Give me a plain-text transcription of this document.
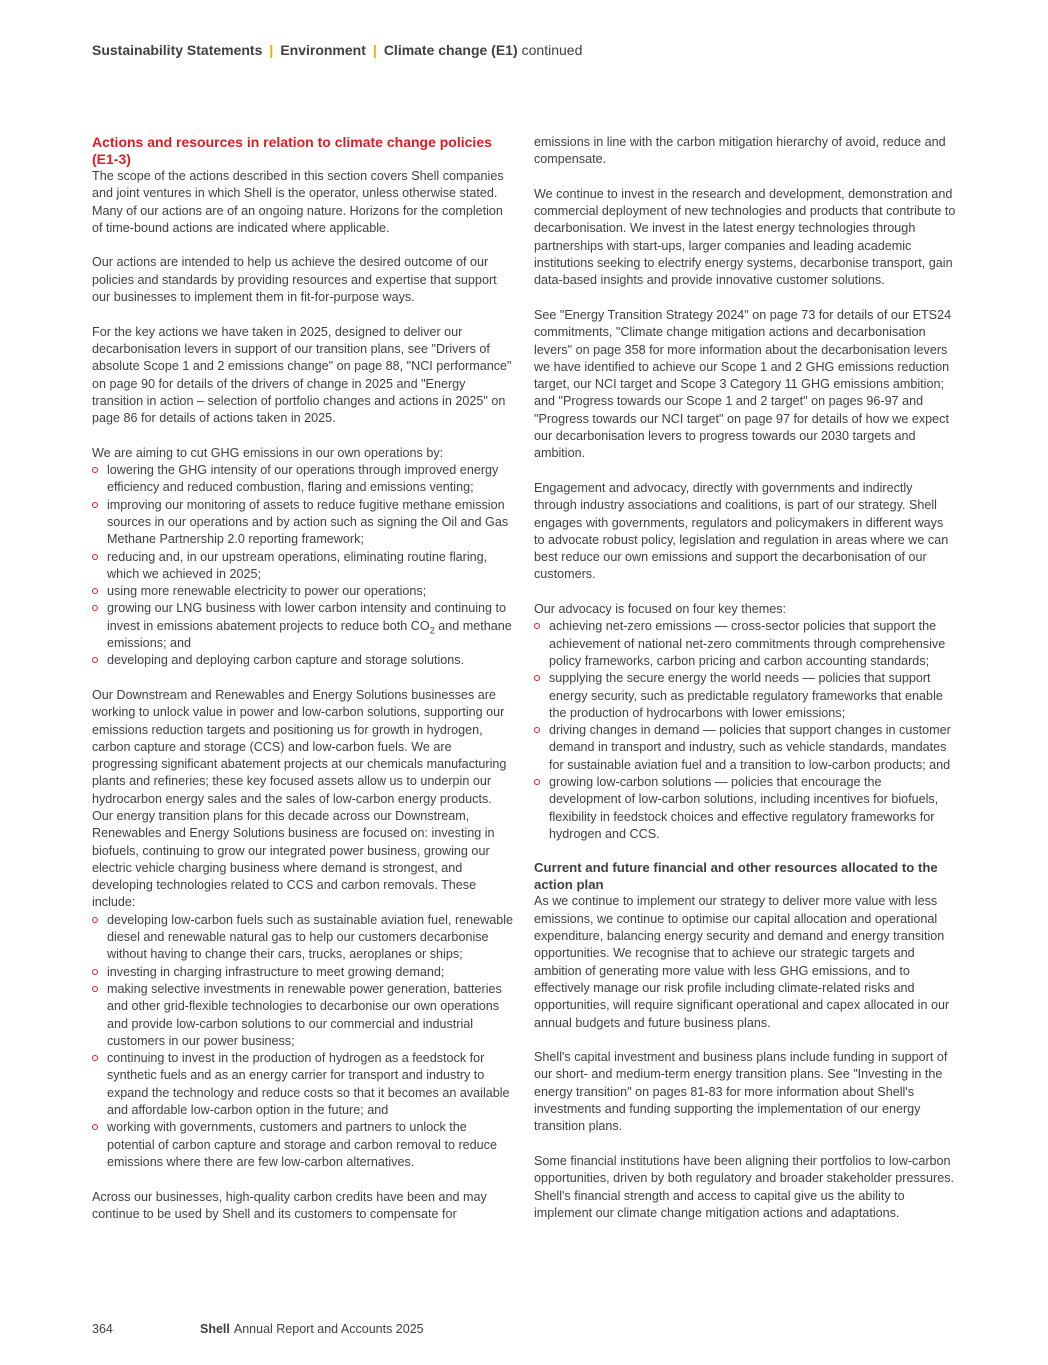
Sustainability Statements | Environment | Climate change (E1) continued
Actions and resources in relation to climate change policies (E1-3)

The scope of the actions described in this section covers Shell companies and joint ventures in which Shell is the operator, unless otherwise stated. Many of our actions are of an ongoing nature. Horizons for the completion of time-bound actions are indicated where applicable.

Our actions are intended to help us achieve the desired outcome of our policies and standards by providing resources and expertise that support our businesses to implement them in fit-for-purpose ways.

For the key actions we have taken in 2025, designed to deliver our decarbonisation levers in support of our transition plans, see "Drivers of absolute Scope 1 and 2 emissions change" on page 88, "NCI performance" on page 90 for details of the drivers of change in 2025 and "Energy transition in action – selection of portfolio changes and actions in 2025" on page 86 for details of actions taken in 2025.

We are aiming to cut GHG emissions in our own operations by:

lowering the GHG intensity of our operations through improved energy efficiency and reduced combustion, flaring and emissions venting;
improving our monitoring of assets to reduce fugitive methane emission sources in our operations and by action such as signing the Oil and Gas Methane Partnership 2.0 reporting framework;
reducing and, in our upstream operations, eliminating routine flaring, which we achieved in 2025;
using more renewable electricity to power our operations;
growing our LNG business with lower carbon intensity and continuing to invest in emissions abatement projects to reduce both $CO_2$ and methane emissions; and
developing and deploying carbon capture and storage solutions.

Our Downstream and Renewables and Energy Solutions businesses are working to unlock value in power and low-carbon solutions, supporting our emissions reduction targets and positioning us for growth in hydrogen, carbon capture and storage (CCS) and low-carbon fuels. We are progressing significant abatement projects at our chemicals manufacturing plants and refineries; these key focused assets allow us to underpin our hydrocarbon energy sales and the sales of low-carbon energy products. Our energy transition plans for this decade across our Downstream, Renewables and Energy Solutions business are focused on: investing in biofuels, continuing to grow our integrated power business, growing our electric vehicle charging business where demand is strongest, and developing technologies related to CCS and carbon removals. These include:

developing low-carbon fuels such as sustainable aviation fuel, renewable diesel and renewable natural gas to help our customers decarbonise without having to change their cars, trucks, aeroplanes or ships;
investing in charging infrastructure to meet growing demand;
making selective investments in renewable power generation, batteries and other grid-flexible technologies to decarbonise our own operations and provide low-carbon solutions to our commercial and industrial customers in our power business;
continuing to invest in the production of hydrogen as a feedstock for synthetic fuels and as an energy carrier for transport and industry to expand the technology and reduce costs so that it becomes an available and affordable low-carbon option in the future; and
working with governments, customers and partners to unlock the potential of carbon capture and storage and carbon removal to reduce emissions where there are few low-carbon alternatives.

Across our businesses, high-quality carbon credits have been and may continue to be used by Shell and its customers to compensate for

emissions in line with the carbon mitigation hierarchy of avoid, reduce and compensate.

We continue to invest in the research and development, demonstration and commercial deployment of new technologies and products that contribute to decarbonisation. We invest in the latest energy technologies through partnerships with start-ups, larger companies and leading academic institutions seeking to electrify energy systems, decarbonise transport, gain data-based insights and provide innovative customer solutions.

See "Energy Transition Strategy 2024" on page 73 for details of our ETS24 commitments, "Climate change mitigation actions and decarbonisation levers" on page 358 for more information about the decarbonisation levers we have identified to achieve our Scope 1 and 2 GHG emissions reduction target, our NCI target and Scope 3 Category 11 GHG emissions ambition; and "Progress towards our Scope 1 and 2 target" on pages 96-97 and "Progress towards our NCI target" on page 97 for details of how we expect our decarbonisation levers to progress towards our 2030 targets and ambition.

Engagement and advocacy, directly with governments and indirectly through industry associations and coalitions, is part of our strategy. Shell engages with governments, regulators and policymakers in different ways to advocate robust policy, legislation and regulation in areas where we can best reduce our own emissions and support the decarbonisation of our customers.

Our advocacy is focused on four key themes:

achieving net-zero emissions — cross-sector policies that support the achievement of national net-zero commitments through comprehensive policy frameworks, carbon pricing and carbon accounting standards;
supplying the secure energy the world needs — policies that support energy security, such as predictable regulatory frameworks that enable the production of hydrocarbons with lower emissions;
driving changes in demand — policies that support changes in customer demand in transport and industry, such as vehicle standards, mandates for sustainable aviation fuel and a transition to low-carbon products; and
growing low-carbon solutions — policies that encourage the development of low-carbon solutions, including incentives for biofuels, flexibility in feedstock choices and effective regulatory frameworks for hydrogen and CCS.
Current and future financial and other resources allocated to the action plan

As we continue to implement our strategy to deliver more value with less emissions, we continue to optimise our capital allocation and operational expenditure, balancing energy security and demand and energy transition opportunities. We recognise that to achieve our strategic targets and ambition of generating more value with less GHG emissions, and to effectively manage our risk profile including climate-related risks and opportunities, will require significant operational and capex allocated in our annual budgets and future business plans.

Shell's capital investment and business plans include funding in support of our short- and medium-term energy transition plans. See "Investing in the energy transition" on pages 81-83 for more information about Shell's investments and funding supporting the implementation of our energy transition plans.

Some financial institutions have been aligning their portfolios to low-carbon opportunities, driven by both regulatory and broader stakeholder pressures. Shell's financial strength and access to capital give us the ability to implement our climate change mitigation actions and adaptations.

364	Shell Annual Report and Accounts 2025
